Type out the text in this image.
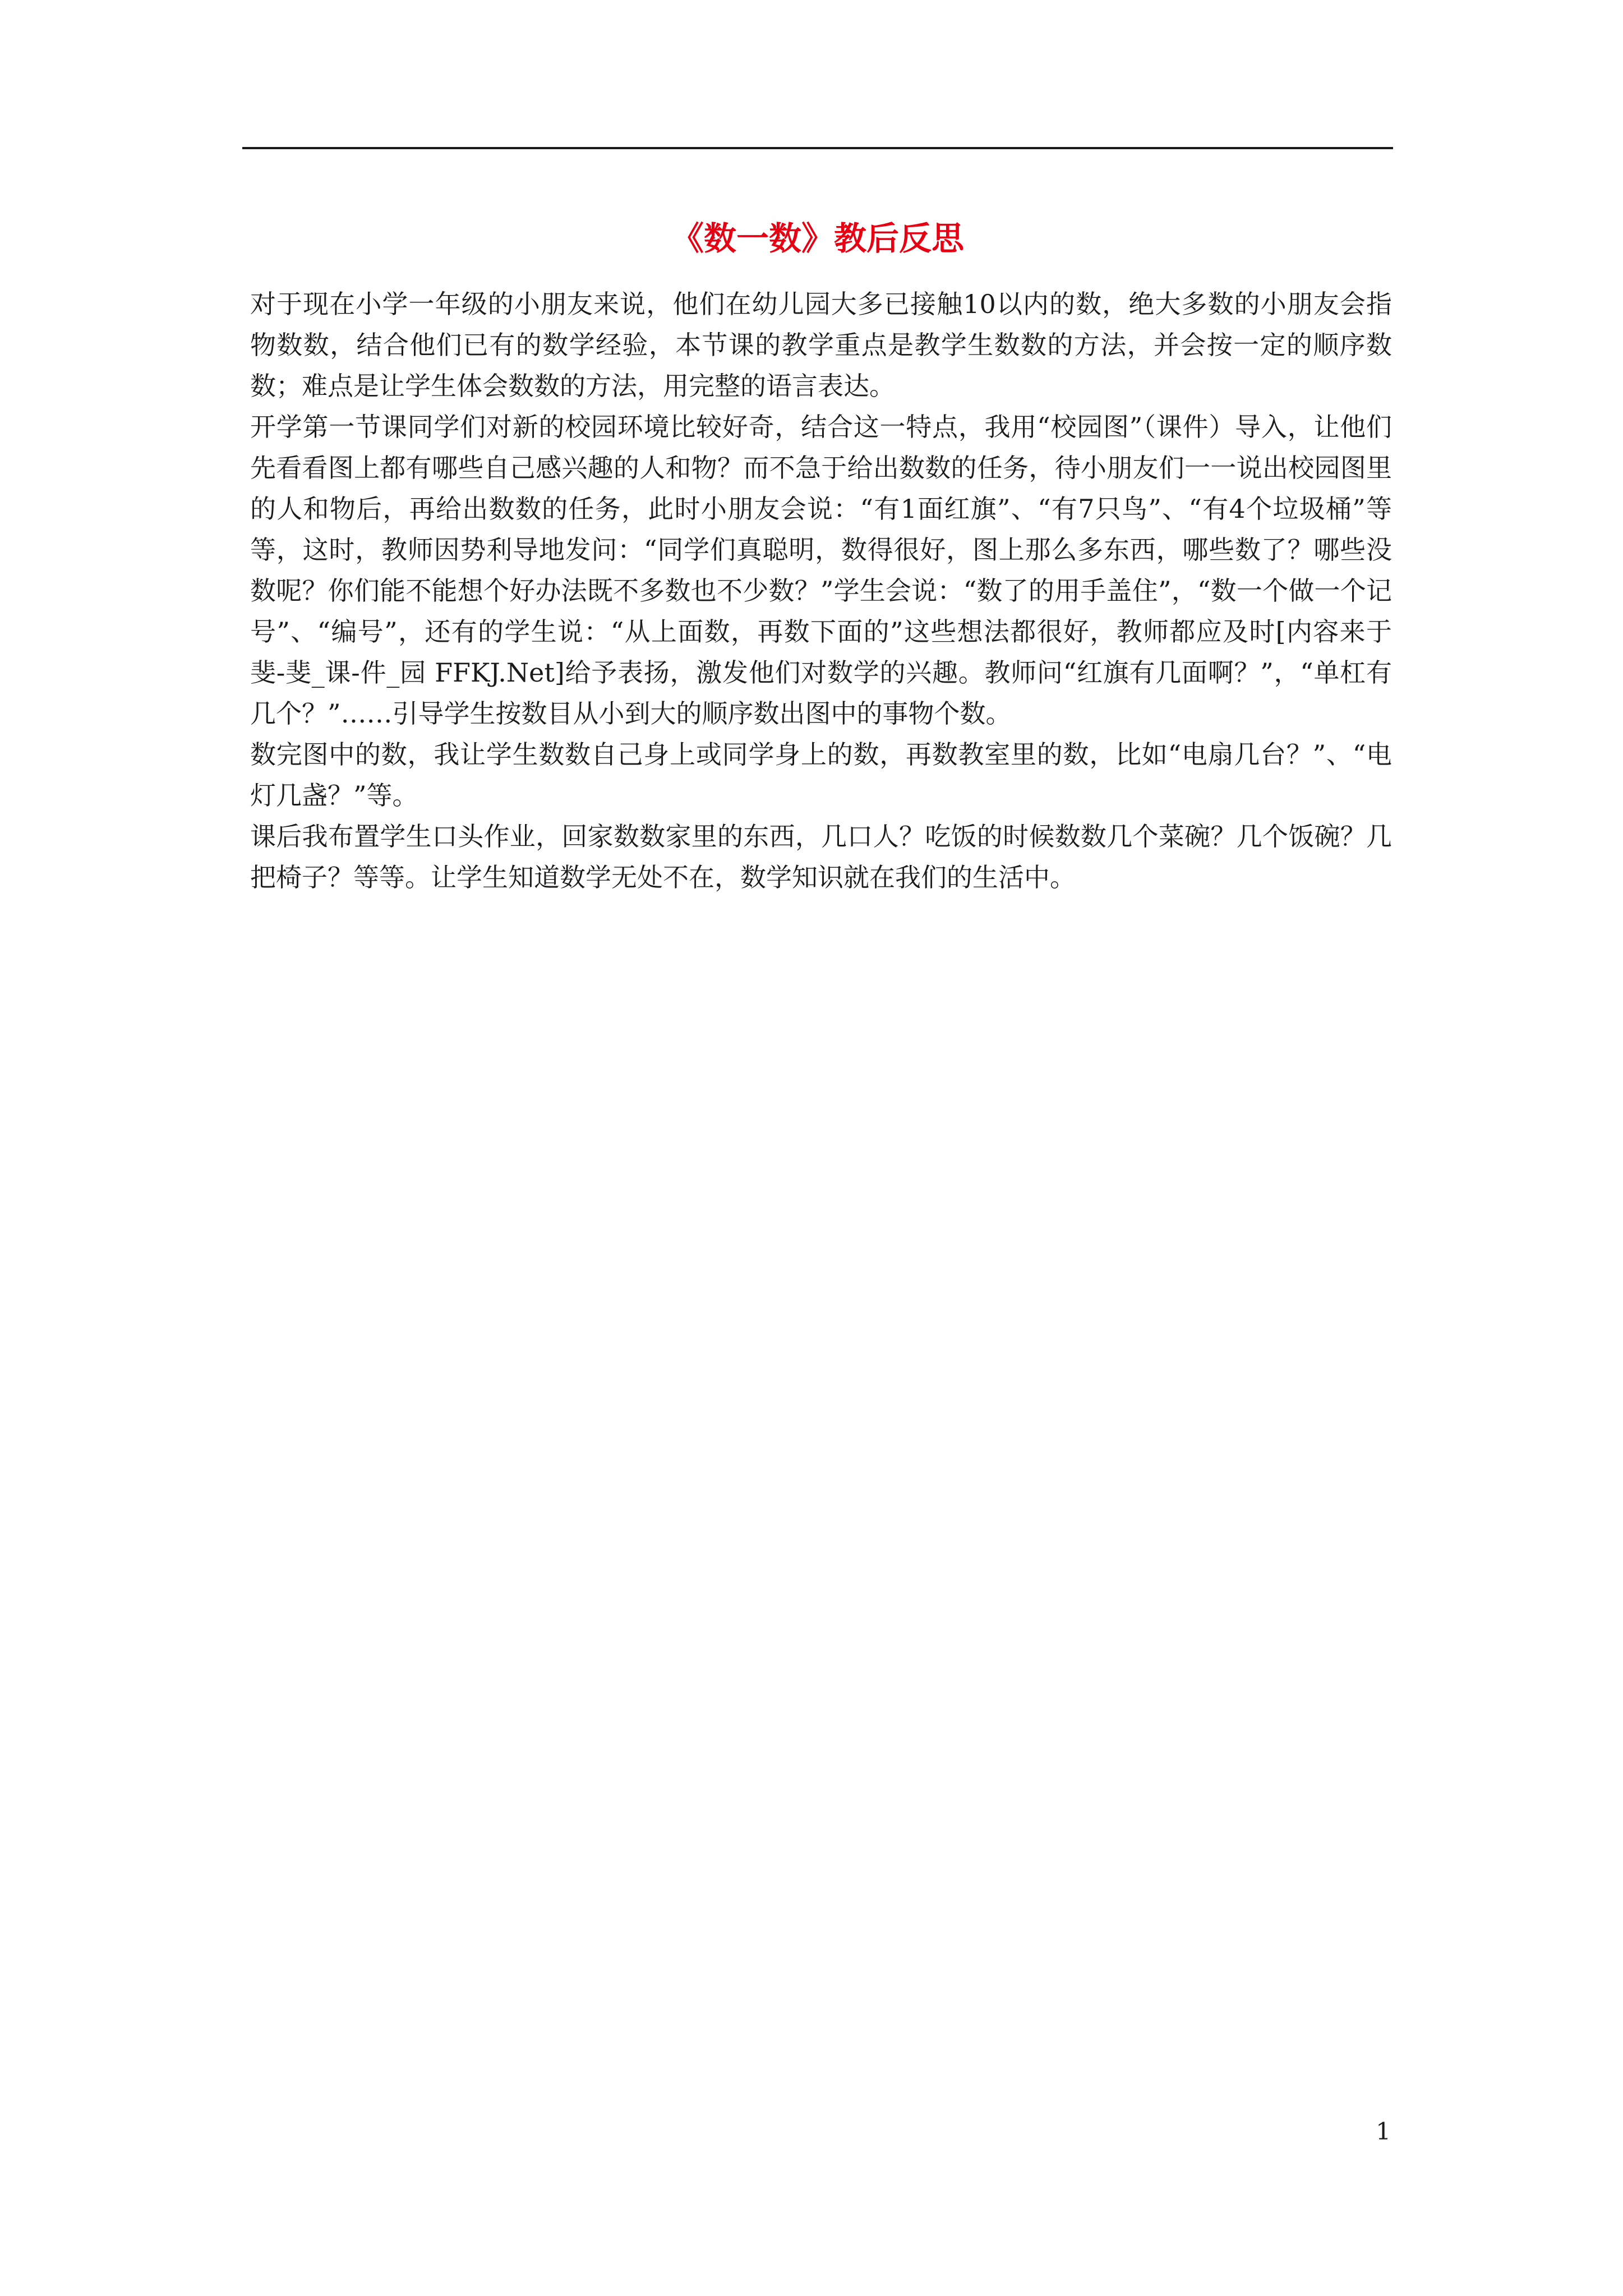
《数一数》教后反思

对于现在小学一年级的小朋友来说，他们在幼儿园大多已接触10以内的数，绝大多数的小朋友会指物数数，结合他们已有的数学经验，本节课的教学重点是教学生数数的方法，并会按一定的顺序数数；难点是让学生体会数数的方法，用完整的语言表达。

开学第一节课同学们对新的校园环境比较好奇，结合这一特点，我用“校园图”（课件）导入，让他们先看看图上都有哪些自己感兴趣的人和物？而不急于给出数数的任务，待小朋友们一一说出校园图里的人和物后，再给出数数的任务，此时小朋友会说：“有1面红旗”、“有7只鸟”、“有4个垃圾桶”等等，这时，教师因势利导地发问：“同学们真聪明，数得很好，图上那么多东西，哪些数了？哪些没数呢？你们能不能想个好办法既不多数也不少数？”学生会说：“数了的用手盖住”，“数一个做一个记号”、“编号”，还有的学生说：“从上面数，再数下面的”这些想法都很好，教师都应及时[内容来于斐-斐_课-件_园 FFKJ.Net]给予表扬，激发他们对数学的兴趣。教师问“红旗有几面啊？”，“单杠有几个？”……引导学生按数目从小到大的顺序数出图中的事物个数。

数完图中的数，我让学生数数自己身上或同学身上的数，再数教室里的数，比如“电扇几台？”、“电灯几盏？”等。

课后我布置学生口头作业，回家数数家里的东西，几口人？吃饭的时候数数几个菜碗？几个饭碗？几把椅子？等等。让学生知道数学无处不在，数学知识就在我们的生活中。

1
